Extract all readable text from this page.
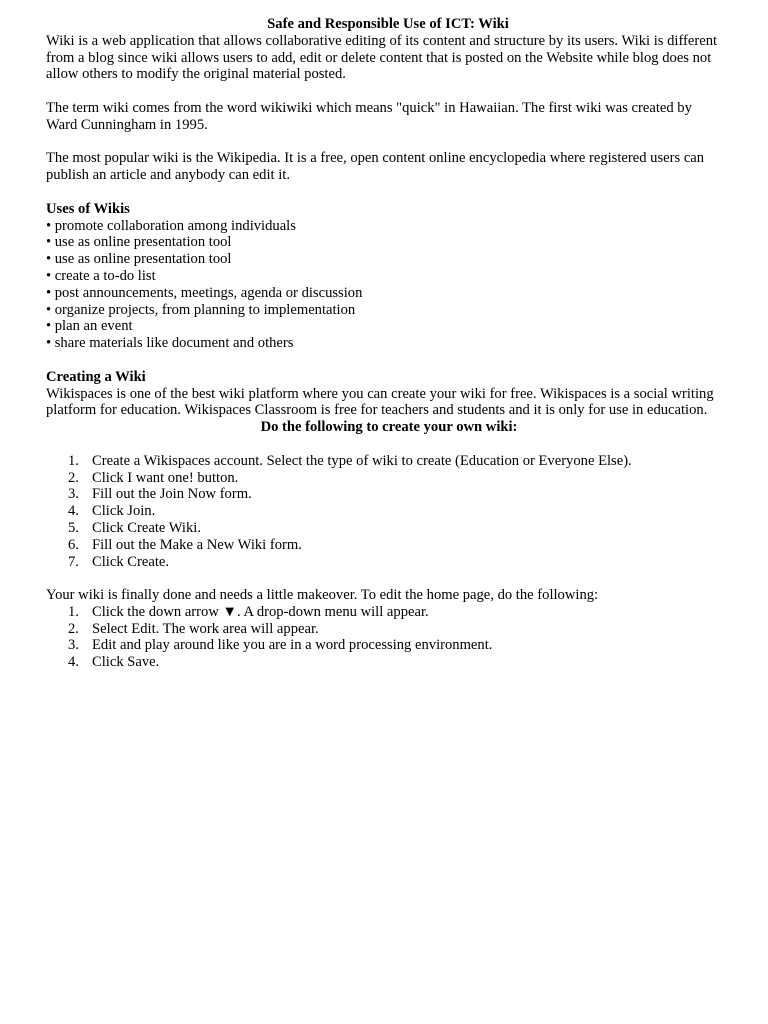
Safe and Responsible Use of ICT: Wiki

Wiki is a web application that allows collaborative editing of its content and structure by its users. Wiki is different from a blog since wiki allows users to add, edit or delete content that is posted on the Website while blog does not allow others to modify the original material posted.

The term wiki comes from the word wikiwiki which means "quick" in Hawaiian. The first wiki was created by Ward Cunningham in 1995.

The most popular wiki is the Wikipedia. It is a free, open content online encyclopedia where registered users can publish an article and anybody can edit it.

Uses of Wikis

• promote collaboration among individuals
• use as online presentation tool
• use as online presentation tool
• create a to-do list
• post announcements, meetings, agenda or discussion
• organize projects, from planning to implementation
• plan an event
• share materials like document and others

Creating a Wiki

Wikispaces is one of the best wiki platform where you can create your wiki for free. Wikispaces is a social writing platform for education. Wikispaces Classroom is free for teachers and students and it is only for use in education.

Do the following to create your own wiki:

1. Create a Wikispaces account. Select the type of wiki to create (Education or Everyone Else).
2. Click I want one! button.
3. Fill out the Join Now form.
4. Click Join.
5. Click Create Wiki.
6. Fill out the Make a New Wiki form.
7. Click Create.

Your wiki is finally done and needs a little makeover. To edit the home page, do the following:

1. Click the down arrow ▼. A drop-down menu will appear.
2. Select Edit. The work area will appear.
3. Edit and play around like you are in a word processing environment.
4. Click Save.
